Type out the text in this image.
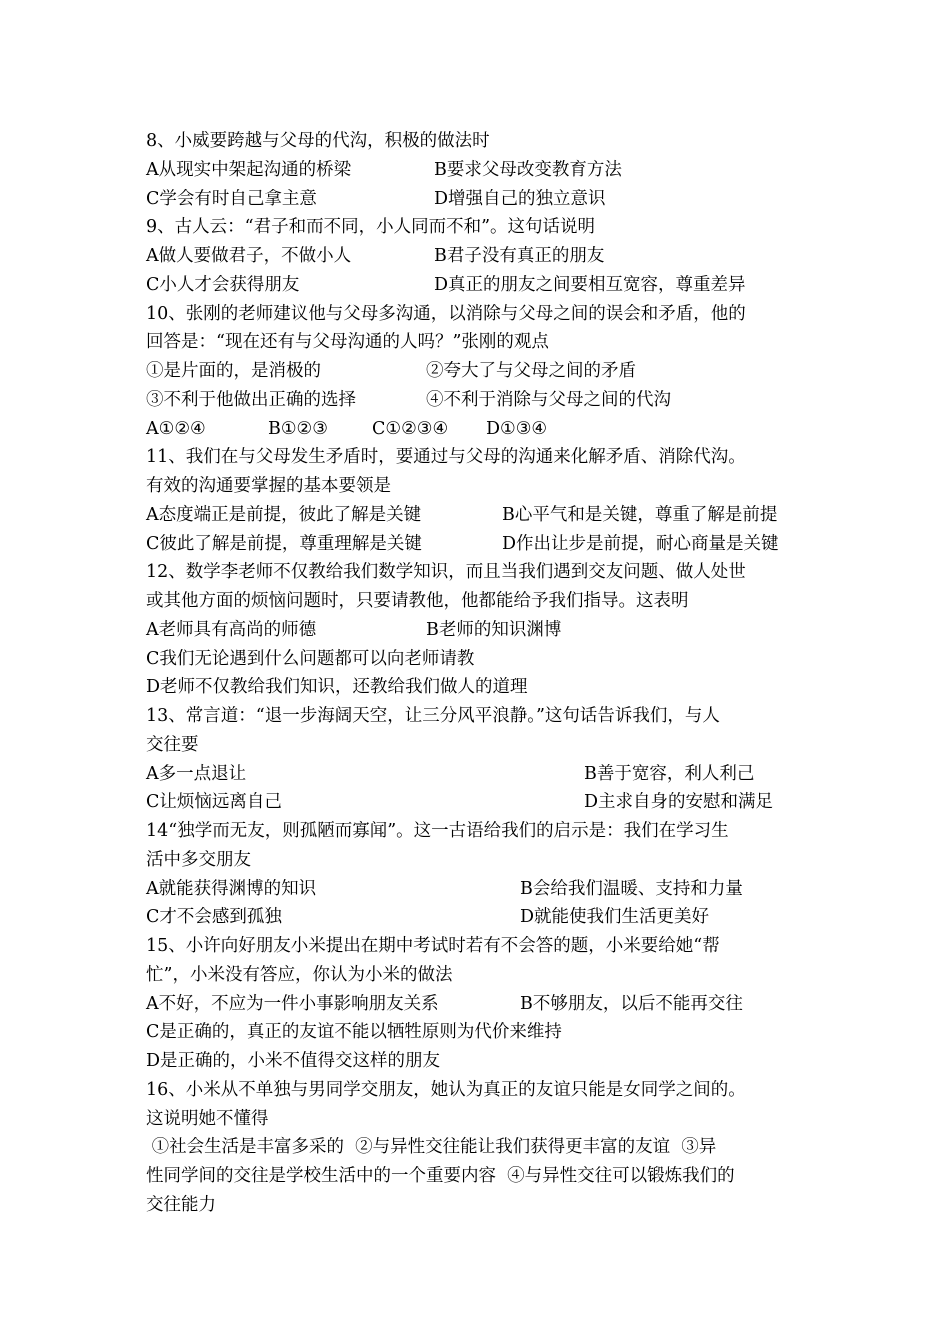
8、小威要跨越与父母的代沟，积极的做法时
A从现实中架起沟通的桥梁	B要求父母改变教育方法
C学会有时自己拿主意	D增强自己的独立意识
9、古人云：“君子和而不同，小人同而不和”。这句话说明
A做人要做君子，不做小人	B君子没有真正的朋友
C小人才会获得朋友	D真正的朋友之间要相互宽容，尊重差异
10、张刚的老师建议他与父母多沟通，以消除与父母之间的误会和矛盾，他的
回答是：“现在还有与父母沟通的人吗？”张刚的观点
①是片面的，是消极的	②夸大了与父母之间的矛盾
③不利于他做出正确的选择	④不利于消除与父母之间的代沟
A①②④	B①②③	C①②③④ D①③④
11、我们在与父母发生矛盾时，要通过与父母的沟通来化解矛盾、消除代沟。
有效的沟通要掌握的基本要领是
A态度端正是前提，彼此了解是关键	B心平气和是关键，尊重了解是前提
C彼此了解是前提，尊重理解是关键	D作出让步是前提，耐心商量是关键
12、数学李老师不仅教给我们数学知识，而且当我们遇到交友问题、做人处世
或其他方面的烦恼问题时，只要请教他，他都能给予我们指导。这表明
A老师具有高尚的师德	B老师的知识渊博
C我们无论遇到什么问题都可以向老师请教
D老师不仅教给我们知识，还教给我们做人的道理
13、常言道：“退一步海阔天空，让三分风平浪静。”这句话告诉我们，与人
交往要
A多一点退让	B善于宽容，利人利己
C让烦恼远离自己	D主求自身的安慰和满足
14“独学而无友，则孤陋而寡闻”。这一古语给我们的启示是：我们在学习生
活中多交朋友
A就能获得渊博的知识	B会给我们温暖、支持和力量
C才不会感到孤独	D就能使我们生活更美好
15、小许向好朋友小米提出在期中考试时若有不会答的题，小米要给她“帮
忙”，小米没有答应，你认为小米的做法
A不好，不应为一件小事影响朋友关系	B不够朋友，以后不能再交往
C是正确的，真正的友谊不能以牺牲原则为代价来维持
D是正确的，小米不值得交这样的朋友
16、小米从不单独与男同学交朋友，她认为真正的友谊只能是女同学之间的。
这说明她不懂得
①社会生活是丰富多采的  ②与异性交往能让我们获得更丰富的友谊  ③异
性同学间的交往是学校生活中的一个重要内容  ④与异性交往可以锻炼我们的
交往能力
